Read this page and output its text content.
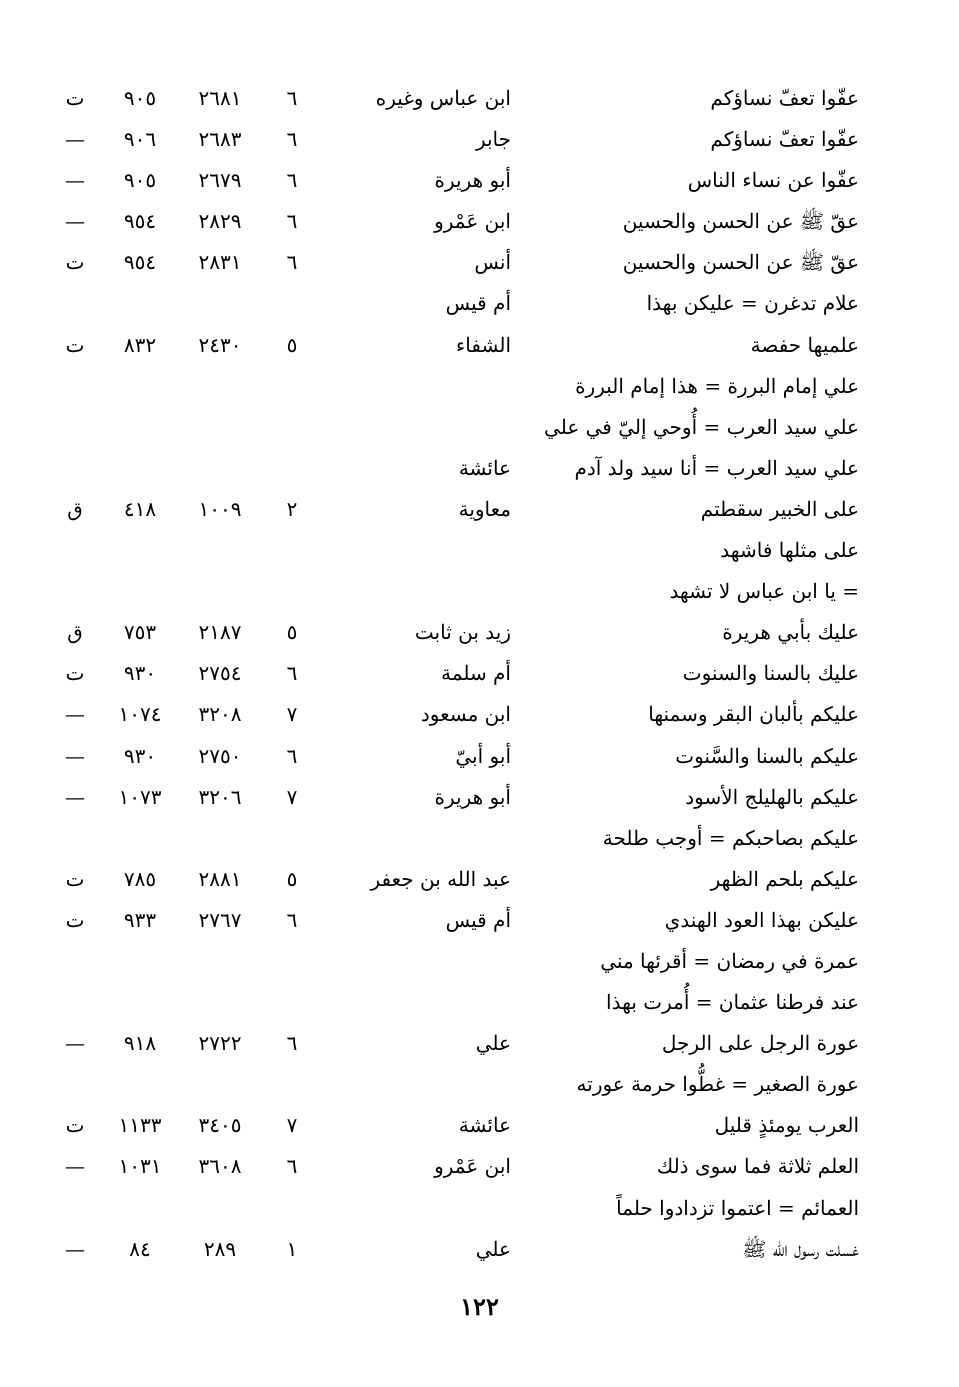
عفّوا تعفّ نساؤكم
ابن عباس وغيره
٦
٢٦٨١
٩٠٥
ت
عفّوا تعفّ نساؤكم
جابر
٦
٢٦٨٣
٩٠٦
—
عفّوا عن نساء الناس
أبو هريرة
٦
٢٦٧٩
٩٠٥
—
عقّ ﷺ عن الحسن والحسين
ابن عَمْرو
٦
٢٨٢٩
٩٥٤
—
عقّ ﷺ عن الحسن والحسين
أنس
٦
٢٨٣١
٩٥٤
ت
علام تدغرن = عليكن بهذا
أم قيس
علميها حفصة
الشفاء
٥
٢٤٣٠
٨٣٢
ت
علي إمام البررة = هذا إمام البررة
علي سيد العرب = أُوحي إليّ في علي
علي سيد العرب = أنا سيد ولد آدم
عائشة
على الخبير سقطتم
معاوية
٢
١٠٠٩
٤١٨
ق
على مثلها فاشهد
= يا ابن عباس لا تشهد
عليك بأبي هريرة
زيد بن ثابت
٥
٢١٨٧
٧٥٣
ق
عليك بالسنا والسنوت
أم سلمة
٦
٢٧٥٤
٩٣٠
ت
عليكم بألبان البقر وسمنها
ابن مسعود
٧
٣٢٠٨
١٠٧٤
—
عليكم بالسنا والسَّنوت
أبو أبيّ
٦
٢٧٥٠
٩٣٠
—
عليكم بالهليلج الأسود
أبو هريرة
٧
٣٢٠٦
١٠٧٣
—
عليكم بصاحبكم = أوجب طلحة
عليكم بلحم الظهر
عبد الله بن جعفر
٥
٢٨٨١
٧٨٥
ت
عليكن بهذا العود الهندي
أم قيس
٦
٢٧٦٧
٩٣٣
ت
عمرة في رمضان = أقرئها مني
عند فرطنا عثمان = أُمرت بهذا
عورة الرجل على الرجل
علي
٦
٢٧٢٢
٩١٨
—
عورة الصغير = غطُّوا حرمة عورته
العرب يومئذٍ قليل
عائشة
٧
٣٤٠٥
١١٣٣
ت
العلم ثلاثة فما سوى ذلك
ابن عَمْرو
٦
٣٦٠٨
١٠٣١
—
العمائم = اعتموا تزدادوا حلماً
غسلت رسول الله ﷺ
علي
١
٢٨٩
٨٤
—
١٢٢
